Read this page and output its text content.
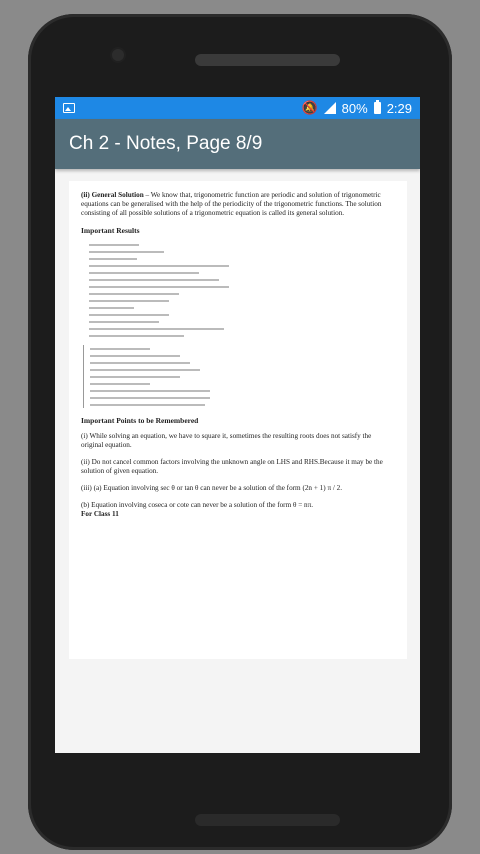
🔕 80% 2:29
Ch 2 - Notes, Page 8/9

(ii) General Solution – We know that, trigonometric function are periodic and solution of trigonometric equations can be generalised with the help of the periodicity of the trigonometric functions. The solution consisting of all possible solutions of a trigonometric equation is called its general solution.

Important Results
Important Points to be Remembered

(i) While solving an equation, we have to square it, sometimes the resulting roots does not satisfy the original equation.

(ii) Do not cancel common factors involving the unknown angle on LHS and RHS.Because it may be the solution of given equation.

(iii) (a) Equation involving sec θ or tan θ can never be a solution of the form (2n + 1) π / 2.

(b) Equation involving coseca or cote can never be a solution of the form θ = nπ.

For Class 11
